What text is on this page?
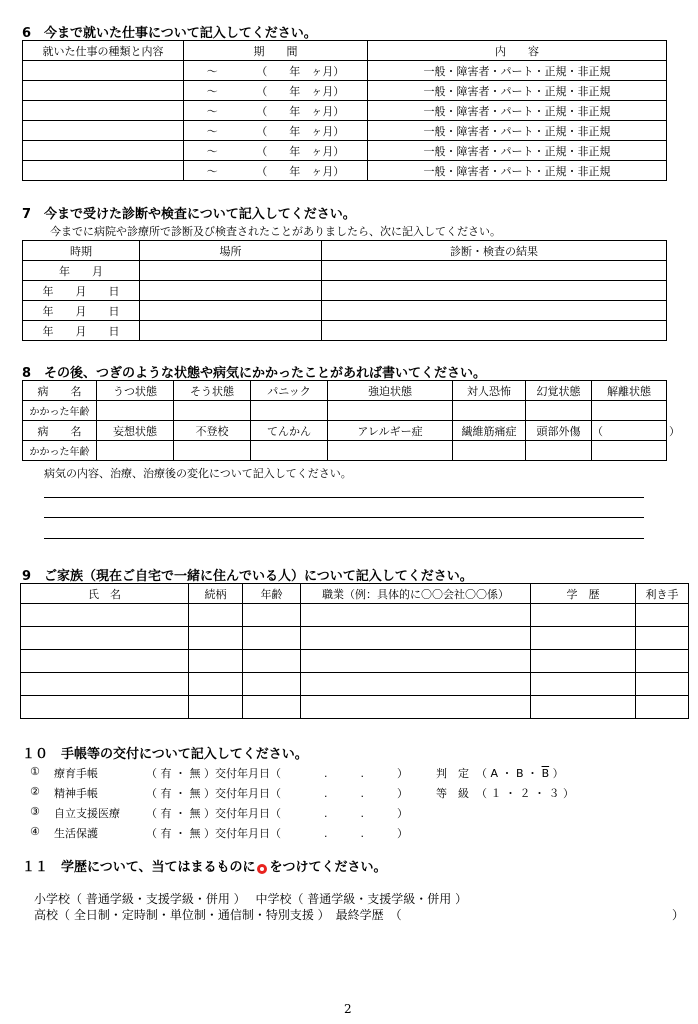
6　今まで就いた仕事について記入してください。
就いた仕事の種類と内容	期　　間	内　　容
	～　　　　（　　年　ヶ月）	一般・障害者・パート・正規・非正規
	～　　　　（　　年　ヶ月）	一般・障害者・パート・正規・非正規
	～　　　　（　　年　ヶ月）	一般・障害者・パート・正規・非正規
	～　　　　（　　年　ヶ月）	一般・障害者・パート・正規・非正規
	～　　　　（　　年　ヶ月）	一般・障害者・パート・正規・非正規
	～　　　　（　　年　ヶ月）	一般・障害者・パート・正規・非正規
7　今まで受けた診断や検査について記入してください。
今までに病院や診療所で診断及び検査されたことがありましたら、次に記入してください。
時期	場所	診断・検査の結果
年　　月		
年　　月　　日		
年　　月　　日		
年　　月　　日		
8　その後、つぎのような状態や病気にかかったことがあれば書いてください。
病　　名	うつ状態	そう状態	パニック	強迫状態	対人恐怖	幻覚状態	解離状態
かかった年齢							
病　　名	妄想状態	不登校	てんかん	アレルギー症	繊維筋痛症	頭部外傷	（　　　　　　）
かかった年齢							
病気の内容、治療、治療後の変化について記入してください。
9　ご家族（現在ご自宅で一緒に住んでいる人）について記入してください。
氏　名	続柄	年齢	職業（例：具体的に〇〇会社〇〇係）	学　歴	利き手

１０　手帳等の交付について記入してください。
① 療育手帳	（ 有 ・ 無 ）交付年月日（	.　　　.　　　）	判　定 （ A ・ B ・ $\overline{B}$ ）
② 精神手帳	（ 有 ・ 無 ）交付年月日（	.　　　.　　　）	等　級 （ １ ・ ２ ・ ３ ）
③ 自立支援医療 （ 有 ・ 無 ）交付年月日（	.　　　.　　　）
④ 生活保護	（ 有 ・ 無 ）交付年月日（	.　　　.　　　）
１１　学歴について、当てはまるものに をつけてください。
小学校（ 普通学級・支援学級・併用 ）　 中学校（ 普通学級・支援学級・併用 ）
高校（ 全日制・定時制・単位制・通信制・特別支援 ）　最終学歴　（	）
2
